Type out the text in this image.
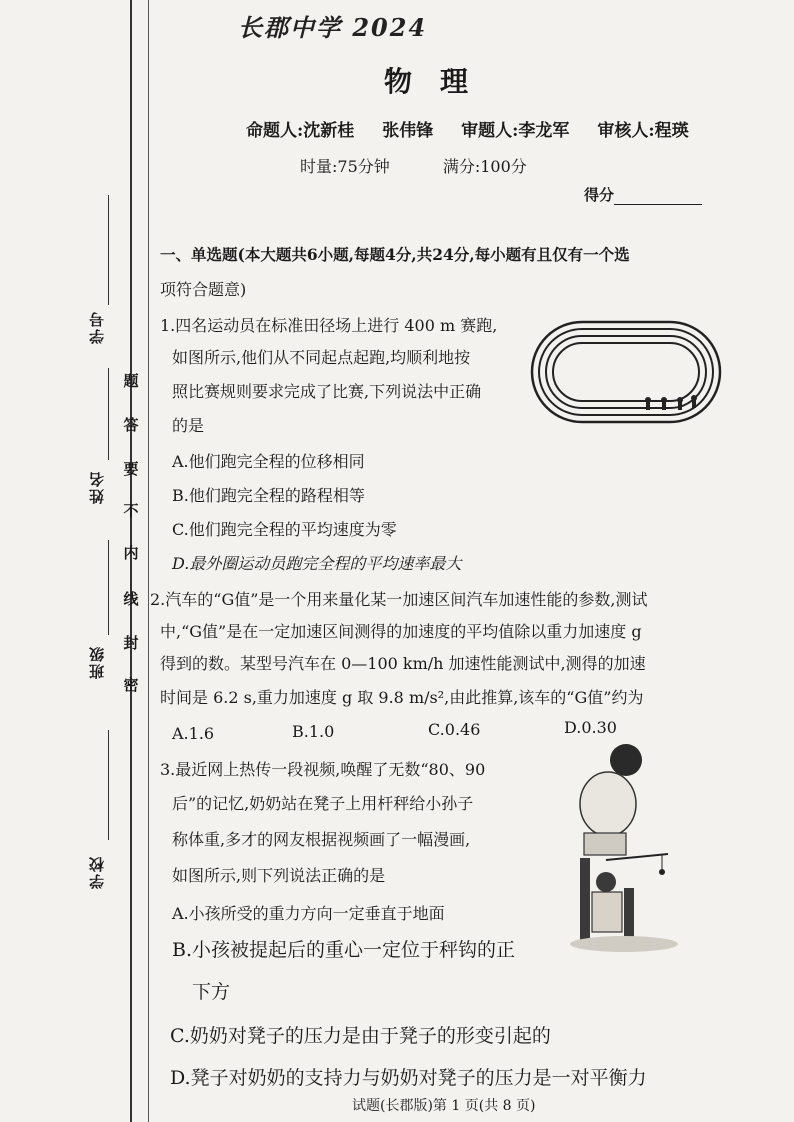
学号
姓名
班级
学校
题
答
要
不
内
线
封
密
长郡中学 2024
物理
命题人:沈新桂 张伟锋 审题人:李龙军 审核人:程瑛
时量:75分钟	满分:100分
得分
一、单选题(本大题共6小题,每题4分,共24分,每小题有且仅有一个选
项符合题意)
1.四名运动员在标准田径场上进行 400 m 赛跑,
如图所示,他们从不同起点起跑,均顺利地按
照比赛规则要求完成了比赛,下列说法中正确
的是
A.他们跑完全程的位移相同
B.他们跑完全程的路程相等
C.他们跑完全程的平均速度为零
D.最外圈运动员跑完全程的平均速率最大
2.汽车的“G值”是一个用来量化某一加速区间汽车加速性能的参数,测试
中,“G值”是在一定加速区间测得的加速度的平均值除以重力加速度 g
得到的数。某型号汽车在 0—100 km/h 加速性能测试中,测得的加速
时间是 6.2 s,重力加速度 g 取 9.8 m/s²,由此推算,该车的“G值”约为
A.1.6	B.1.0	C.0.46	D.0.30
3.最近网上热传一段视频,唤醒了无数“80、90
后”的记忆,奶奶站在凳子上用杆秤给小孙子
称体重,多才的网友根据视频画了一幅漫画,
如图所示,则下列说法正确的是
A.小孩所受的重力方向一定垂直于地面
B.小孩被提起后的重心一定位于秤钩的正
下方
C.奶奶对凳子的压力是由于凳子的形变引起的
D.凳子对奶奶的支持力与奶奶对凳子的压力是一对平衡力
试题(长郡版)第 1 页(共 8 页)
